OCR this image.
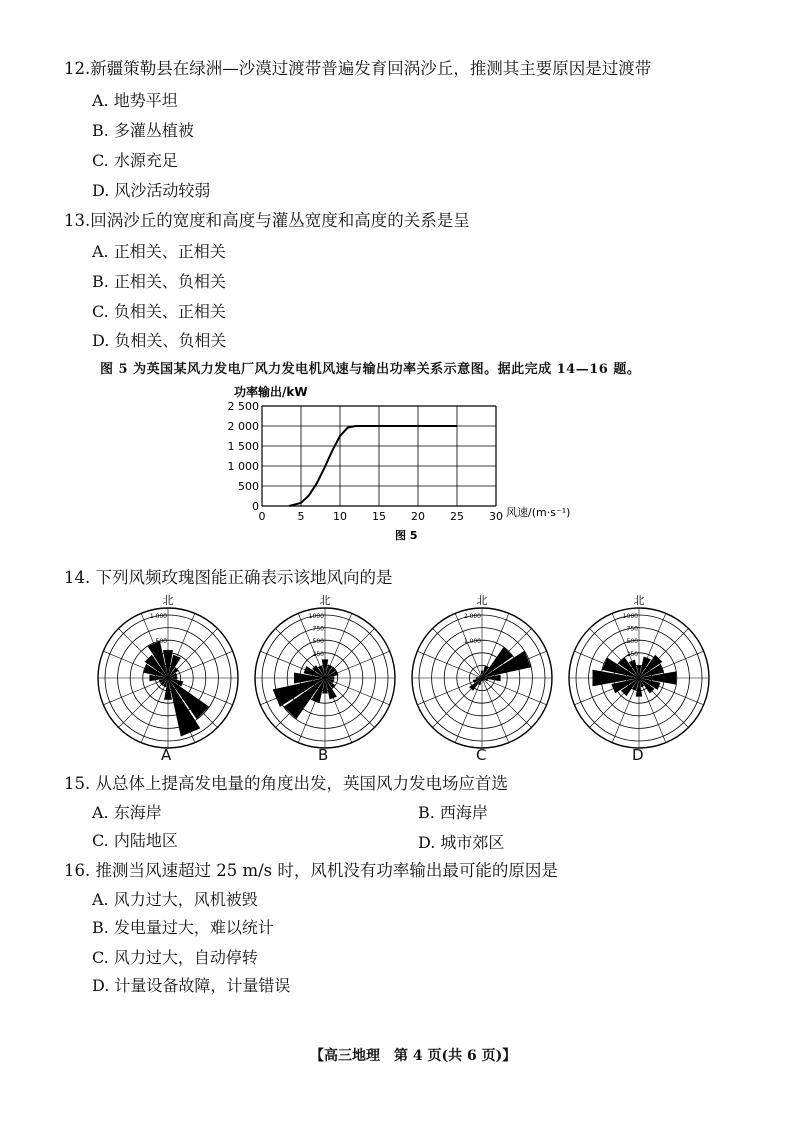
12.新疆策勒县在绿洲—沙漠过渡带普遍发育回涡沙丘，推测其主要原因是过渡带
A. 地势平坦
B. 多灌丛植被
C. 水源充足
D. 风沙活动较弱
13.回涡沙丘的宽度和高度与灌丛宽度和高度的关系是呈
A. 正相关、正相关
B. 正相关、负相关
C. 负相关、正相关
D. 负相关、负相关
图 5 为英国某风力发电厂风力发电机风速与输出功率关系示意图。据此完成 14—16 题。
功率输出/kW
0
500
1 000
1 500
2 000
2 500
0	5	10 15 20 25 30 风速/(m·s⁻¹)
图 5
14. 下列风频玫瑰图能正确表示该地风向的是
北
500
1 000
北
250
500
750
1000
北
1 000
2 000
北
250
500
750
1000
A	B	C	D
15. 从总体上提高发电量的角度出发，英国风力发电场应首选
A. 东海岸	B. 西海岸
C. 内陆地区	D. 城市郊区
16. 推测当风速超过 25 m/s 时，风机没有功率输出最可能的原因是
A. 风力过大，风机被毁
B. 发电量过大，难以统计
C. 风力过大，自动停转
D. 计量设备故障，计量错误
【高三地理　第 4 页(共 6 页)】
